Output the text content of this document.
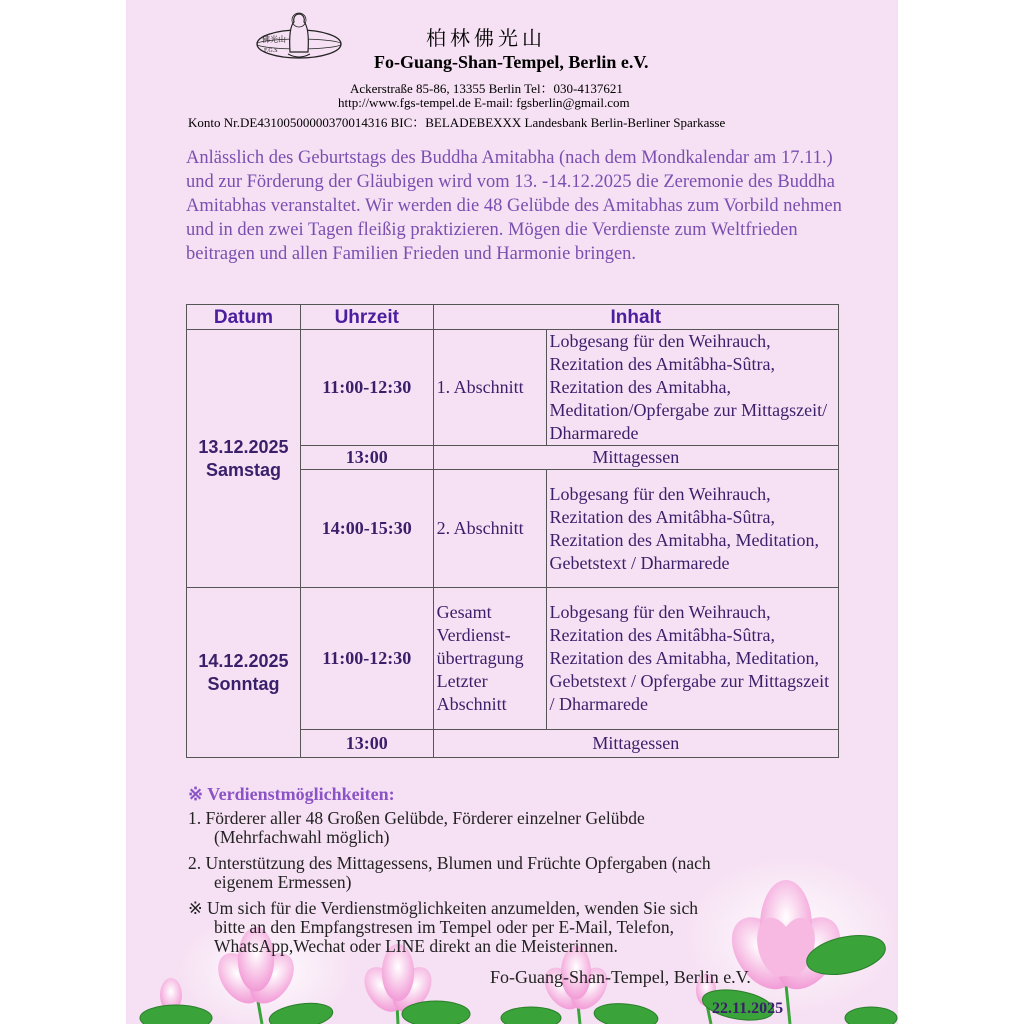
佛光山
F.G.S
柏林佛光山
Fo-Guang-Shan-Tempel, Berlin e.V.
Ackerstraße 85-86, 13355 Berlin Tel：030-4137621
http://www.fgs-tempel.de E-mail: fgsberlin@gmail.com
Konto Nr.DE43100500000370014316 BIC：BELADEBEXXX Landesbank Berlin-Berliner Sparkasse
Anlässlich des Geburtstags des Buddha Amitabha (nach dem Mondkalendar am 17.11.) und zur Förderung der Gläubigen wird vom 13. -14.12.2025 die Zeremonie des Buddha Amitabhas veranstaltet. Wir werden die 48 Gelübde des Amitabhas zum Vorbild nehmen und in den zwei Tagen fleißig praktizieren. Mögen die Verdienste zum Weltfrieden beitragen und allen Familien Frieden und Harmonie bringen.
Datum	Uhrzeit	Inhalt	

13.12.2025
Samstag	11:00-12:30	1. Abschnitt	Lobgesang für den Weihrauch, Rezitation des Amitâbha-Sûtra, Rezitation des Amitabha, Meditation/Opfergabe zur Mittagszeit/ Dharmarede
	13:00	Mittagessen	
	14:00-15:30	2. Abschnitt	Lobgesang für den Weihrauch, Rezitation des Amitâbha-Sûtra, Rezitation des Amitabha, Meditation, Gebetstext / Dharmarede

14.12.2025
Sonntag	11:00-12:30	Gesamt Verdienst-übertragung Letzter Abschnitt	Lobgesang für den Weihrauch, Rezitation des Amitâbha-Sûtra, Rezitation des Amitabha, Meditation, Gebetstext / Opfergabe zur Mittagszeit / Dharmarede
	13:00	Mittagessen	
※ Verdienstmöglichkeiten:
1. Förderer aller 48 Großen Gelübde, Förderer einzelner Gelübde
(Mehrfachwahl möglich)
2. Unterstützung des Mittagessens, Blumen und Früchte Opfergaben (nach
eigenem Ermessen)
※ Um sich für die Verdienstmöglichkeiten anzumelden, wenden Sie sich
bitte an den Empfangstresen im Tempel oder per E-Mail, Telefon,
WhatsApp,Wechat oder LINE direkt an die Meisterinnen.
Fo-Guang-Shan-Tempel, Berlin e.V.
22.11.2025
